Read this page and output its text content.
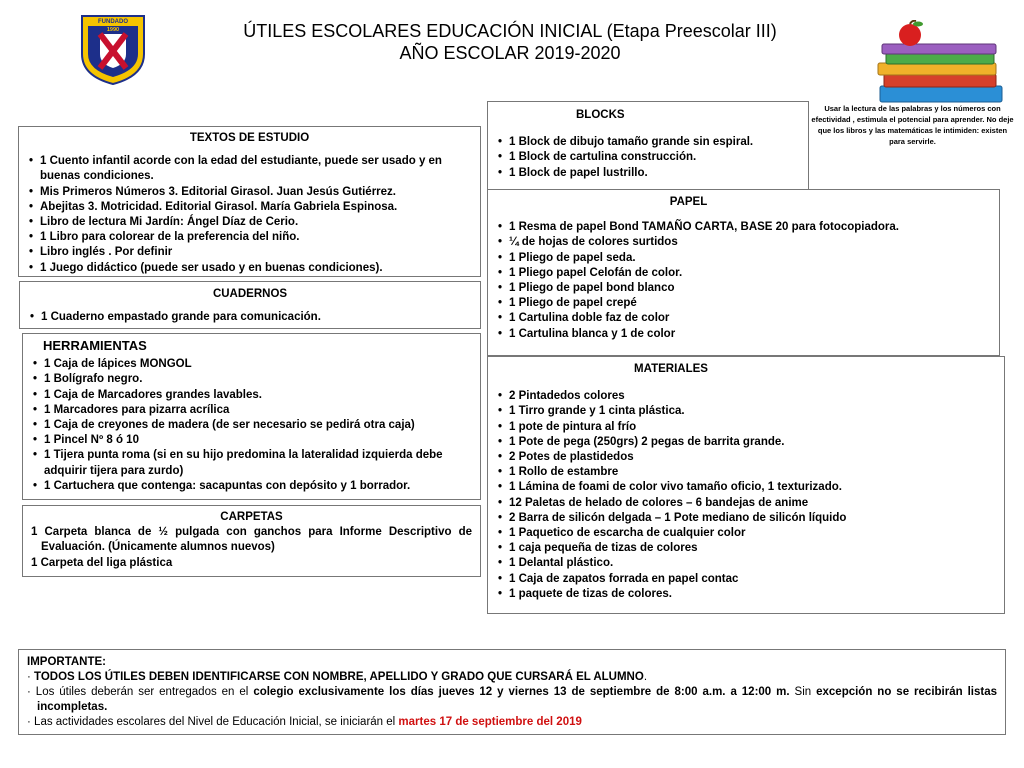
FUNDADO
1990	ÚTILES ESCOLARES EDUCACIÓN INICIAL (Etapa Preescolar III)
AÑO ESCOLAR 2019-2020
Usar la lectura de las palabras y los números con efectividad , estimula el potencial para aprender. No deje que los libros y las matemáticas le intimiden: existen para servirle.
TEXTOS DE ESTUDIO
• 1 Cuento infantil acorde con la edad del estudiante, puede ser usado y en buenas condiciones.
• Mis Primeros Números 3. Editorial Girasol. Juan Jesús Gutiérrez.
• Abejitas 3. Motricidad. Editorial Girasol. María Gabriela Espinosa.
• Libro de lectura Mi Jardín: Ángel Díaz de Cerio.
• 1 Libro para colorear de la preferencia del niño.
• Libro inglés . Por definir
• 1 Juego didáctico (puede ser usado y en buenas condiciones).
CUADERNOS
• 1 Cuaderno empastado grande para comunicación.
HERRAMIENTAS
• 1 Caja de lápices MONGOL
• 1 Bolígrafo negro.
• 1 Caja de Marcadores grandes lavables.
• 1 Marcadores para pizarra acrílica
• 1 Caja de creyones de madera (de ser necesario se pedirá otra caja)
• 1 Pincel Nº 8 ó 10
• 1 Tijera punta roma (si en su hijo predomina la lateralidad izquierda debe adquirir tijera para zurdo)
• 1 Cartuchera que contenga: sacapuntas con depósito y 1 borrador.
CARPETAS
1 Carpeta blanca de ½ pulgada con ganchos para Informe Descriptivo de Evaluación. (Únicamente alumnos nuevos)
1 Carpeta del liga plástica
BLOCKS
• 1 Block de dibujo tamaño grande sin espiral.
• 1 Block de cartulina construcción.
• 1 Block de papel lustrillo.
PAPEL
• 1 Resma de papel Bond TAMAÑO CARTA, BASE 20 para fotocopiadora.
• ¼ de hojas de colores surtidos
• 1 Pliego de papel seda.
• 1 Pliego papel Celofán de color.
• 1 Pliego de papel bond blanco
• 1 Pliego de papel crepé
• 1 Cartulina doble faz de color
• 1 Cartulina blanca y 1 de color
MATERIALES
• 2 Pintadedos colores
• 1 Tirro grande y 1 cinta plástica.
• 1 pote de pintura al frío
• 1 Pote de pega (250grs) 2 pegas de barrita grande.
• 2 Potes de plastidedos
• 1 Rollo de estambre
• 1 Lámina de foami de color vivo tamaño oficio, 1 texturizado.
• 12 Paletas de helado de colores – 6 bandejas de anime
• 2 Barra de silicón delgada – 1 Pote mediano de silicón líquido
• 1 Paquetico de escarcha de cualquier color
• 1 caja pequeña de tizas de colores
• 1 Delantal plástico.
• 1 Caja de zapatos forrada en papel contac
• 1 paquete de tizas de colores.

IMPORTANTE:

· TODOS LOS ÚTILES DEBEN IDENTIFICARSE CON NOMBRE, APELLIDO Y GRADO QUE CURSARÁ EL ALUMNO.

· Los útiles deberán ser entregados en el colegio exclusivamente los días jueves 12 y viernes 13 de septiembre de 8:00 a.m. a 12:00 m. Sin excepción no se recibirán listas incompletas.

· Las actividades escolares del Nivel de Educación Inicial, se iniciarán el martes 17 de septiembre del 2019
